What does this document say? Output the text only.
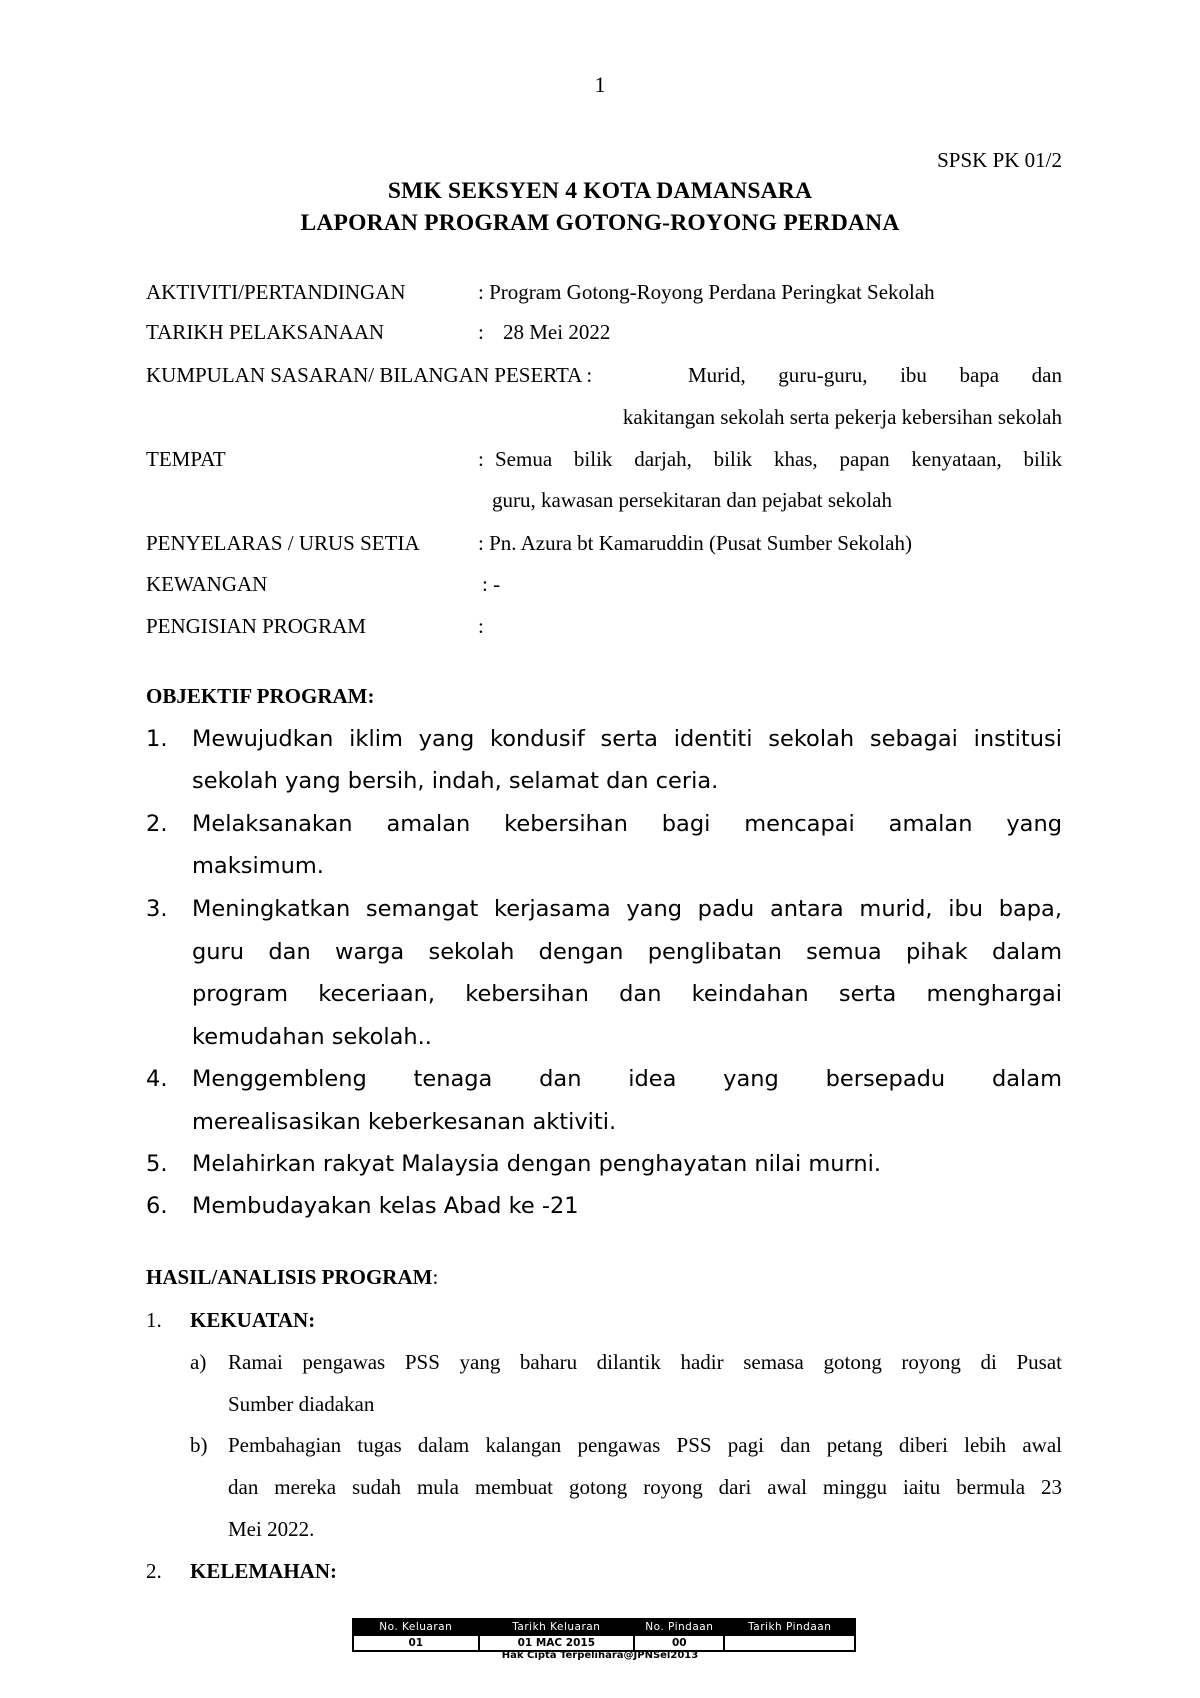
1
SPSK PK 01/2
SMK SEKSYEN 4 KOTA DAMANSARA
LAPORAN PROGRAM GOTONG-ROYONG PERDANA
AKTIVITI/PERTANDINGAN	: Program Gotong-Royong Perdana Peringkat Sekolah
TARIKH PELAKSANAAN	: 28 Mei 2022
KUMPULAN SASARAN/ BILANGAN PESERTA :	Murid, guru-guru, ibu bapa dan
kakitangan sekolah serta pekerja kebersihan sekolah
TEMPAT	: Semua bilik darjah, bilik khas, papan kenyataan, bilik
guru, kawasan persekitaran dan pejabat sekolah
PENYELARAS / URUS SETIA	: Pn. Azura bt Kamaruddin (Pusat Sumber Sekolah)
KEWANGAN	: -
PENGISIAN PROGRAM	:
OBJEKTIF PROGRAM:
1. Mewujudkan iklim yang kondusif serta identiti sekolah sebagai institusi
sekolah yang bersih, indah, selamat dan ceria.
2. Melaksanakan amalan kebersihan bagi mencapai amalan yang
maksimum.
3. Meningkatkan semangat kerjasama yang padu antara murid, ibu bapa,
guru dan warga sekolah dengan penglibatan semua pihak dalam
program keceriaan, kebersihan dan keindahan serta menghargai
kemudahan sekolah..
4. Menggembleng tenaga dan idea yang bersepadu dalam
merealisasikan keberkesanan aktiviti.
5. Melahirkan rakyat Malaysia dengan penghayatan nilai murni.
6. Membudayakan kelas Abad ke -21
HASIL/ANALISIS PROGRAM:
1. KEKUATAN:
a) Ramai pengawas PSS yang baharu dilantik hadir semasa gotong royong di Pusat
Sumber diadakan
b) Pembahagian tugas dalam kalangan pengawas PSS pagi dan petang diberi lebih awal
dan mereka sudah mula membuat gotong royong dari awal minggu iaitu bermula 23
Mei 2022.
2. KELEMAHAN:
No. Keluaran	Tarikh Keluaran	No. Pindaan	Tarikh Pindaan
01	01 MAC 2015	00	
Hak Cipta Terpelihara@JPNSel2013
